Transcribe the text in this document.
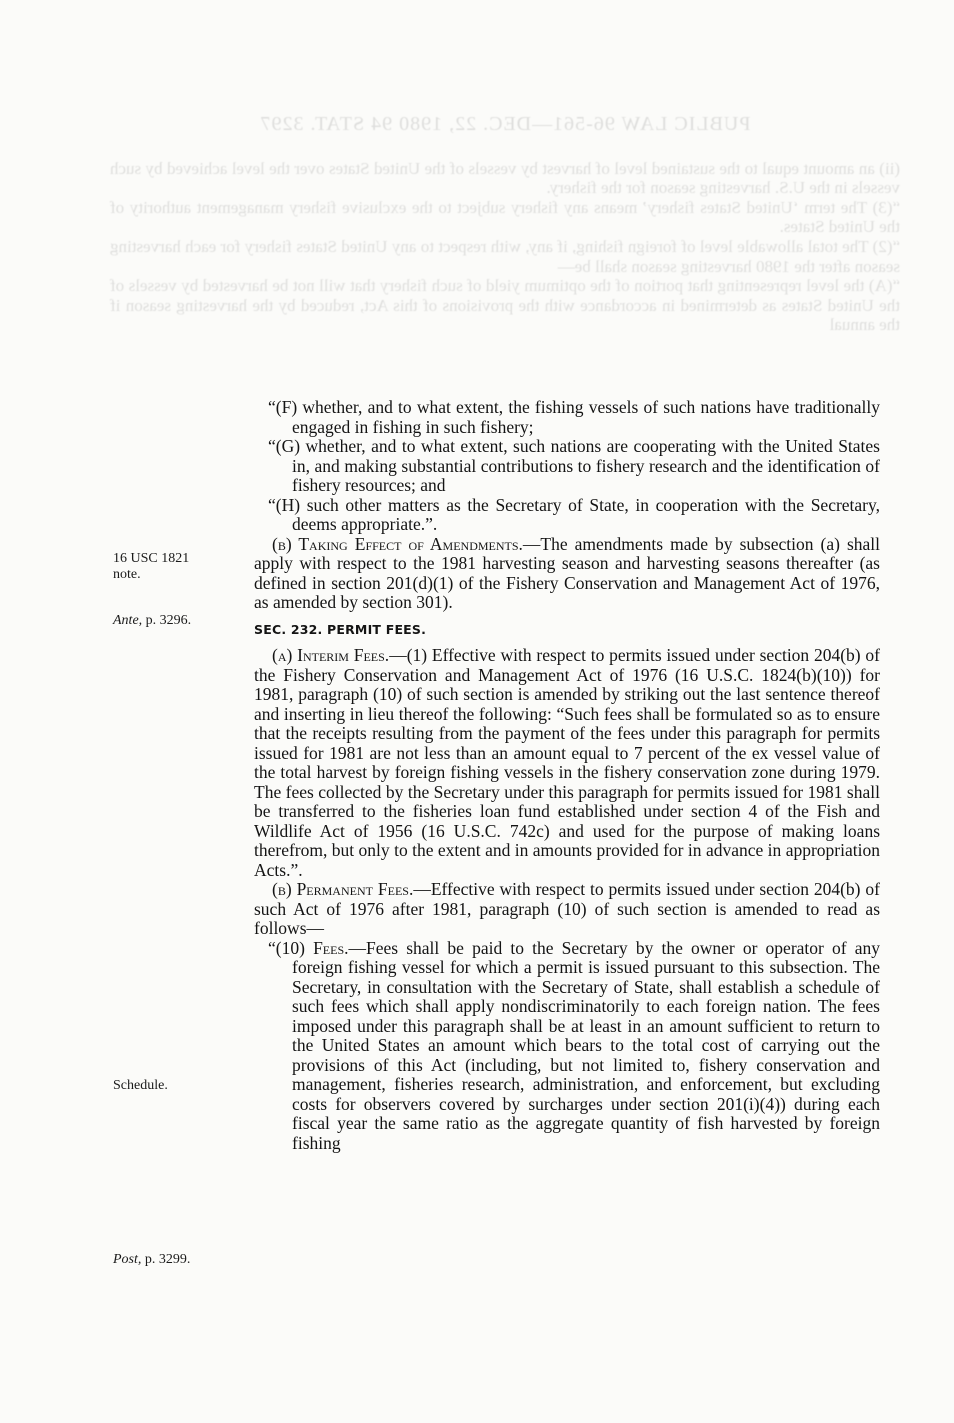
PUBLIC LAW 96-561—DEC. 22, 1980 94 STAT. 3297

(ii) an amount equal to the sustained level of harvest by vessels of the United States over the level achieved by such vessels in the U.S. harvesting season for the fishery.

“(3) The term ‘United States fishery’ means any fishery subject to the exclusive fishery management authority of the United States.

“(2) The total allowable level of foreign fishing, if any, with respect to any United States fishery for each harvesting season after the 1980 harvesting season shall be—

“(A) the level representing that portion of the optimum yield of such fishery that will not be harvested by vessels of the United States as determined in accordance with the provisions of this Act, reduced by the harvesting season if the annual

16 USC 1821
note.
Ante, p. 3296.
Schedule.
Post, p. 3299.

“(F) whether, and to what extent, the fishing vessels of such nations have traditionally engaged in fishing in such fishery;

“(G) whether, and to what extent, such nations are cooperating with the United States in, and making substantial contributions to fishery research and the identification of fishery resources; and

“(H) such other matters as the Secretary of State, in cooperation with the Secretary, deems appropriate.”.

(b) Taking Effect of Amendments.—The amendments made by subsection (a) shall apply with respect to the 1981 harvesting season and harvesting seasons thereafter (as defined in section 201(d)(1) of the Fishery Conservation and Management Act of 1976, as amended by section 301).

SEC. 232. PERMIT FEES.

(a) Interim Fees.—(1) Effective with respect to permits issued under section 204(b) of the Fishery Conservation and Management Act of 1976 (16 U.S.C. 1824(b)(10)) for 1981, paragraph (10) of such section is amended by striking out the last sentence thereof and inserting in lieu thereof the following: “Such fees shall be formulated so as to ensure that the receipts resulting from the payment of the fees under this paragraph for permits issued for 1981 are not less than an amount equal to 7 percent of the ex vessel value of the total harvest by foreign fishing vessels in the fishery conservation zone during 1979. The fees collected by the Secretary under this paragraph for permits issued for 1981 shall be transferred to the fisheries loan fund established under section 4 of the Fish and Wildlife Act of 1956 (16 U.S.C. 742c) and used for the purpose of making loans therefrom, but only to the extent and in amounts provided for in advance in appropriation Acts.”.

(b) Permanent Fees.—Effective with respect to permits issued under section 204(b) of such Act of 1976 after 1981, paragraph (10) of such section is amended to read as follows—

“(10) Fees.—Fees shall be paid to the Secretary by the owner or operator of any foreign fishing vessel for which a permit is issued pursuant to this subsection. The Secretary, in consultation with the Secretary of State, shall establish a schedule of such fees which shall apply nondiscriminatorily to each foreign nation. The fees imposed under this paragraph shall be at least in an amount sufficient to return to the United States an amount which bears to the total cost of carrying out the provisions of this Act (including, but not limited to, fishery conservation and management, fisheries research, administration, and enforcement, but excluding costs for observers covered by surcharges under section 201(i)(4)) during each fiscal year the same ratio as the aggregate quantity of fish harvested by foreign fishing
